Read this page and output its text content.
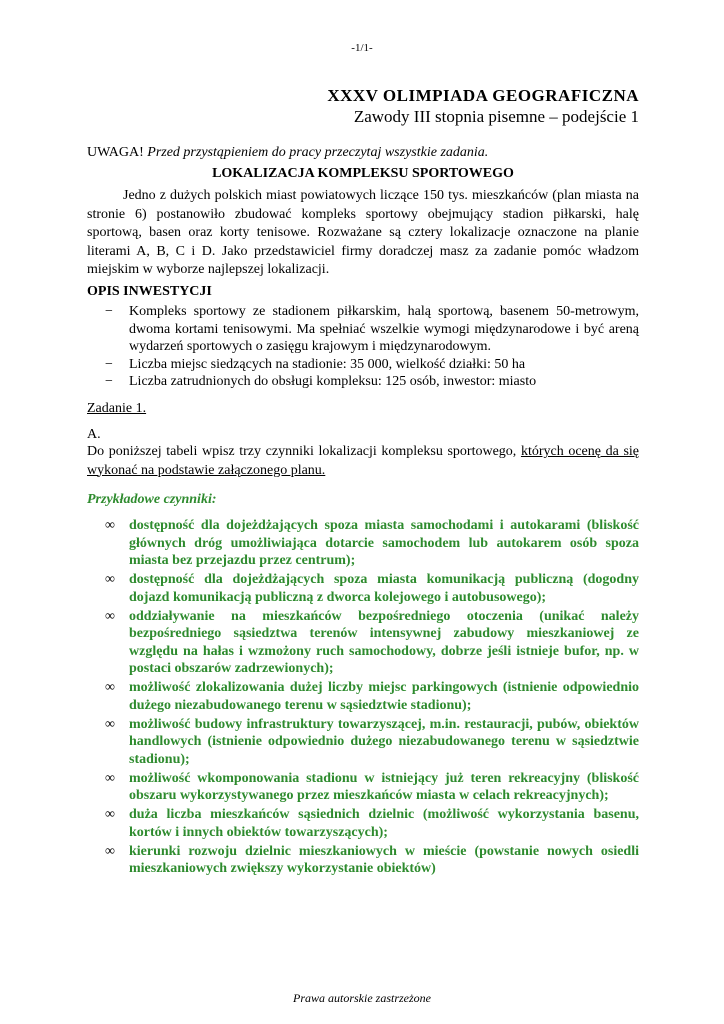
-1/1-
XXXV OLIMPIADA GEOGRAFICZNA
Zawody III stopnia pisemne – podejście 1
UWAGA! Przed przystąpieniem do pracy przeczytaj wszystkie zadania.
LOKALIZACJA KOMPLEKSU SPORTOWEGO

Jedno z dużych polskich miast powiatowych liczące 150 tys. mieszkańców (plan miasta na stronie 6) postanowiło zbudować kompleks sportowy obejmujący stadion piłkarski, halę sportową, basen oraz korty tenisowe. Rozważane są cztery lokalizacje oznaczone na planie literami A, B, C i D. Jako przedstawiciel firmy doradczej masz za zadanie pomóc władzom miejskim w wyborze najlepszej lokalizacji.

OPIS INWESTYCJI
− Kompleks sportowy ze stadionem piłkarskim, halą sportową, basenem 50-metrowym, dwoma kortami tenisowymi. Ma spełniać wszelkie wymogi międzynarodowe i być areną wydarzeń sportowych o zasięgu krajowym i międzynarodowym.
− Liczba miejsc siedzących na stadionie: 35 000, wielkość działki: 50 ha
− Liczba zatrudnionych do obsługi kompleksu: 125 osób, inwestor: miasto
Zadanie 1.
A.

Do poniższej tabeli wpisz trzy czynniki lokalizacji kompleksu sportowego, których ocenę da się wykonać na podstawie załączonego planu.

Przykładowe czynniki:
∞ dostępność dla dojeżdżających spoza miasta samochodami i autokarami (bliskość głównych dróg umożliwiająca dotarcie samochodem lub autokarem osób spoza miasta bez przejazdu przez centrum);
∞ dostępność dla dojeżdżających spoza miasta komunikacją publiczną (dogodny dojazd komunikacją publiczną z dworca kolejowego i autobusowego);
∞ oddziaływanie na mieszkańców bezpośredniego otoczenia (unikać należy bezpośredniego sąsiedztwa terenów intensywnej zabudowy mieszkaniowej ze względu na hałas i wzmożony ruch samochodowy, dobrze jeśli istnieje bufor, np. w postaci obszarów zadrzewionych);
∞ możliwość zlokalizowania dużej liczby miejsc parkingowych (istnienie odpowiednio dużego niezabudowanego terenu w sąsiedztwie stadionu);
∞ możliwość budowy infrastruktury towarzyszącej, m.in. restauracji, pubów, obiektów handlowych (istnienie odpowiednio dużego niezabudowanego terenu w sąsiedztwie stadionu);
∞ możliwość wkomponowania stadionu w istniejący już teren rekreacyjny (bliskość obszaru wykorzystywanego przez mieszkańców miasta w celach rekreacyjnych);
∞ duża liczba mieszkańców sąsiednich dzielnic (możliwość wykorzystania basenu, kortów i innych obiektów towarzyszących);
∞ kierunki rozwoju dzielnic mieszkaniowych w mieście (powstanie nowych osiedli mieszkaniowych zwiększy wykorzystanie obiektów)
Prawa autorskie zastrzeżone
